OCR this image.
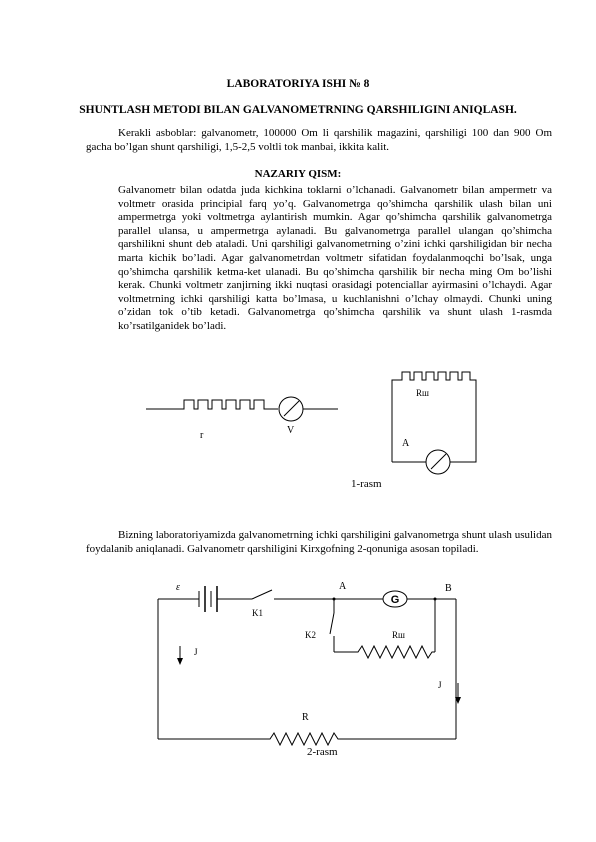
LABORATORIYA ISHI № 8
SHUNTLASH METODI BILAN GALVANOMETRNING QARSHILIGINI ANIQLASH.

Kerakli asboblar: galvanometr, 100000 Om li qarshilik magazini, qarshiligi 100 dan 900 Om gacha bo’lgan shunt qarshiligi, 1,5-2,5 voltli tok manbai, ikkita kalit.

NAZARIY QISM:

Galvanometr bilan odatda juda kichkina toklarni o’lchanadi. Galvanometr bilan ampermetr va voltmetr orasida principial farq yo’q. Galvanometrga qo’shimcha qarshilik ulash bilan uni ampermetrga yoki voltmetrga aylantirish mumkin. Agar qo’shimcha qarshilik galvanometrga parallel ulansa, u ampermetrga aylanadi. Bu galvanometrga parallel ulangan qo’shimcha qarshilikni shunt deb ataladi. Uni qarshiligi galvanometrning o’zini ichki qarshiligidan bir necha marta kichik bo’ladi. Agar galvanometrdan voltmetr sifatidan foydalanmoqchi bo’lsak, unga qo’shimcha qarshilik ketma-ket ulanadi. Bu qo’shimcha qarshilik bir necha ming Om bo’lishi kerak. Chunki voltmetr zanjirning ikki nuqtasi orasidagi potenciallar ayirmasini o’lchaydi. Agar voltmetrning ichki qarshiligi katta bo’lmasa, u kuchlanishni o’lchay olmaydi. Chunki uning o’zidan tok o’tib ketadi. Galvanometrga qo’shimcha qarshilik va shunt ulash 1-rasmda ko’rsatilganidek bo’ladi.

r	V
Rш
A
1-rasm

Bizning laboratoriyamizda galvanometrning ichki qarshiligini galvanometrga shunt ulash usulidan foydalanib aniqlanadi. Galvanometr qarshiligini Kirxgofning 2-qonuniga asosan topiladi.

G
ε
K1
A	B
K2	Rш
J
J
R
2-rasm
